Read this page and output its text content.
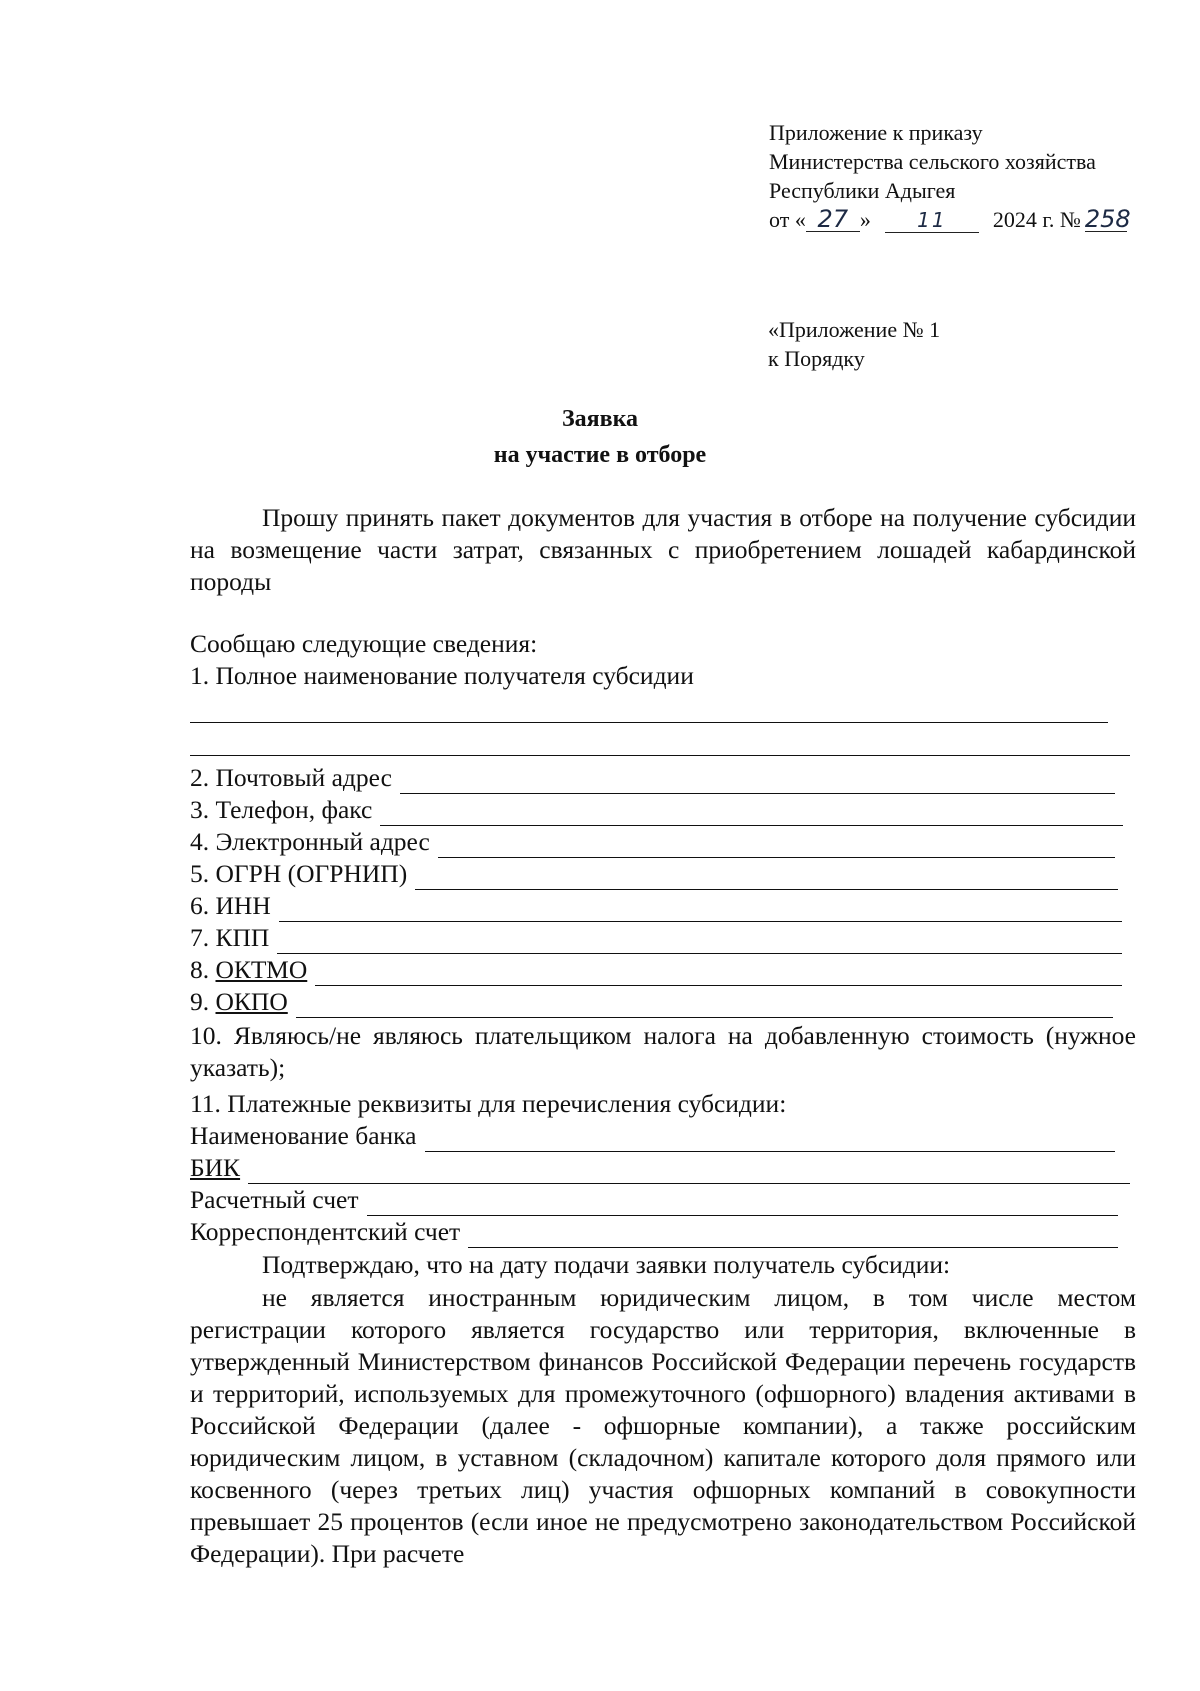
Приложение к приказу
Министерства сельского хозяйства
Республики Адыгея
от « 27 »	11	2024 г. № 258
«Приложение № 1
к Порядку
Заявка
на участие в отборе
Прошу принять пакет документов для участия в отборе на получение субсидии на возмещение части затрат, связанных с приобретением лошадей кабардинской породы
Сообщаю следующие сведения:
1. Полное наименование получателя субсидии
2. Почтовый адрес
3. Телефон, факс
4. Электронный адрес
5. ОГРН (ОГРНИП)
6. ИНН
7. КПП
8. ОКТМО
9. ОКПО
10. Являюсь/не являюсь плательщиком налога на добавленную стоимость (нужное указать);
11. Платежные реквизиты для перечисления субсидии:
Наименование банка
БИК
Расчетный счет
Корреспондентский счет
Подтверждаю, что на дату подачи заявки получатель субсидии:
не является иностранным юридическим лицом, в том числе местом регистрации которого является государство или территория, включенные в утвержденный Министерством финансов Российской Федерации перечень государств и территорий, используемых для промежуточного (офшорного) владения активами в Российской Федерации (далее - офшорные компании), а также российским юридическим лицом, в уставном (складочном) капитале которого доля прямого или косвенного (через третьих лиц) участия офшорных компаний в совокупности превышает 25 процентов (если иное не предусмотрено законодательством Российской Федерации). При расчете
